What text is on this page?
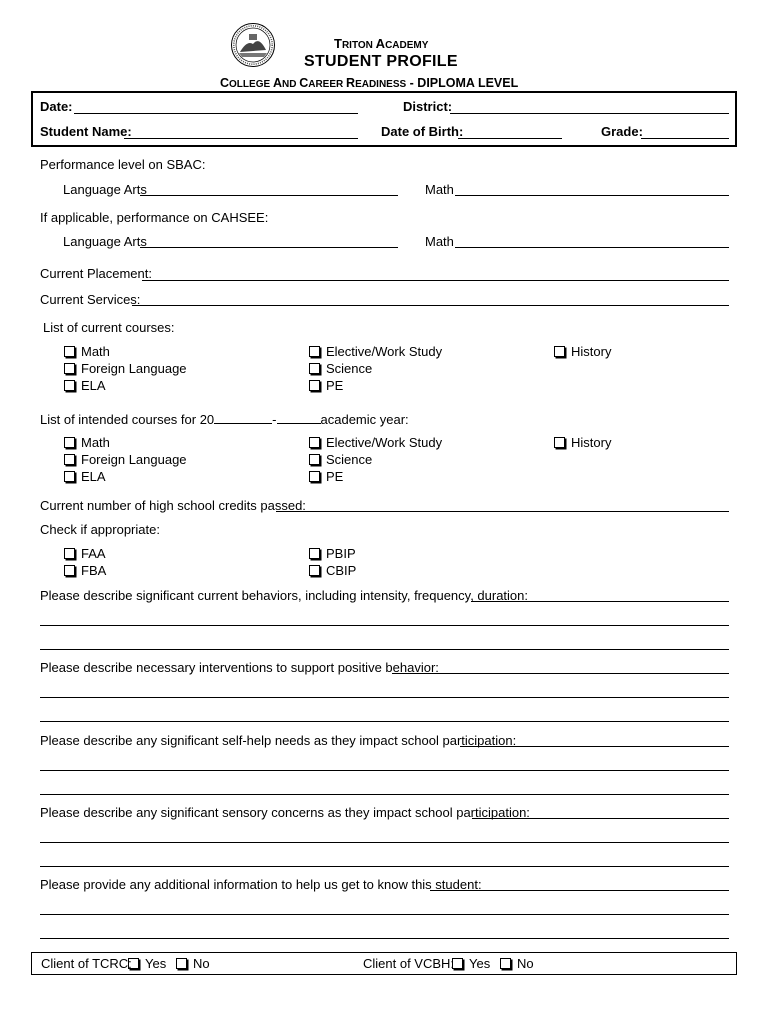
TRITON ACADEMY
STUDENT PROFILE
COLLEGE AND CAREER READINESS - DIPLOMA LEVEL
Date:	District:
Student Name:	Date of Birth:	Grade:
Performance level on SBAC:
Language Arts	Math
If applicable, performance on CAHSEE:
Language Arts	Math
Current Placement:
Current Services:
List of current courses:
Math
Foreign Language
ELA
Elective/Work Study
Science
PE
History
List of intended courses for 20	-	academic year:
Math
Foreign Language
ELA
Elective/Work Study
Science
PE
History
Current number of high school credits passed:
Check if appropriate:
FAA
FBA
PBIP
CBIP
Please describe significant current behaviors, including intensity, frequency, duration:
Please describe necessary interventions to support positive behavior:
Please describe any significant self-help needs as they impact school participation:
Please describe any significant sensory concerns as they impact school participation:
Please provide any additional information to help us get to know this student:
Client of TCRC:	Yes	No	Client of VCBH:	Yes	No
